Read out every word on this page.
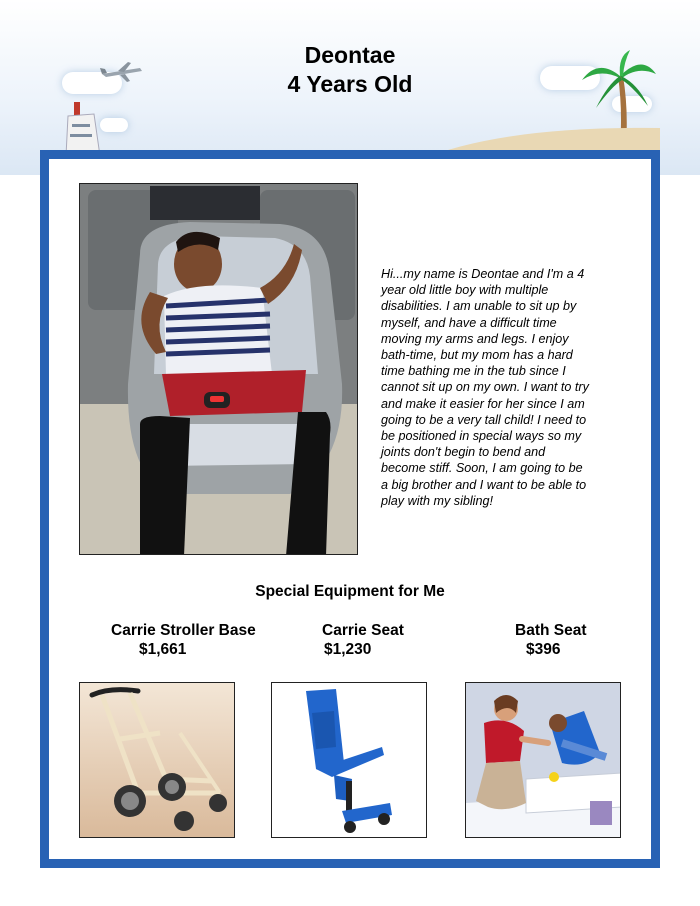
Deontae
4 Years Old
Hi...my name is Deontae and I'm a 4 year old little boy with multiple disabilities. I am unable to sit up by myself, and have a difficult time moving my arms and legs. I enjoy bath-time, but my mom has a hard time bathing me in the tub since I cannot sit up on my own. I want to try and make it easier for her since I am going to be a very tall child! I need to be positioned in special ways so my joints don't begin to bend and become stiff. Soon, I am going to be a big brother and I want to be able to play with my sibling!
Special Equipment for Me
Carrie Stroller Base
$1,661
Carrie Seat
$1,230
Bath Seat
$396
